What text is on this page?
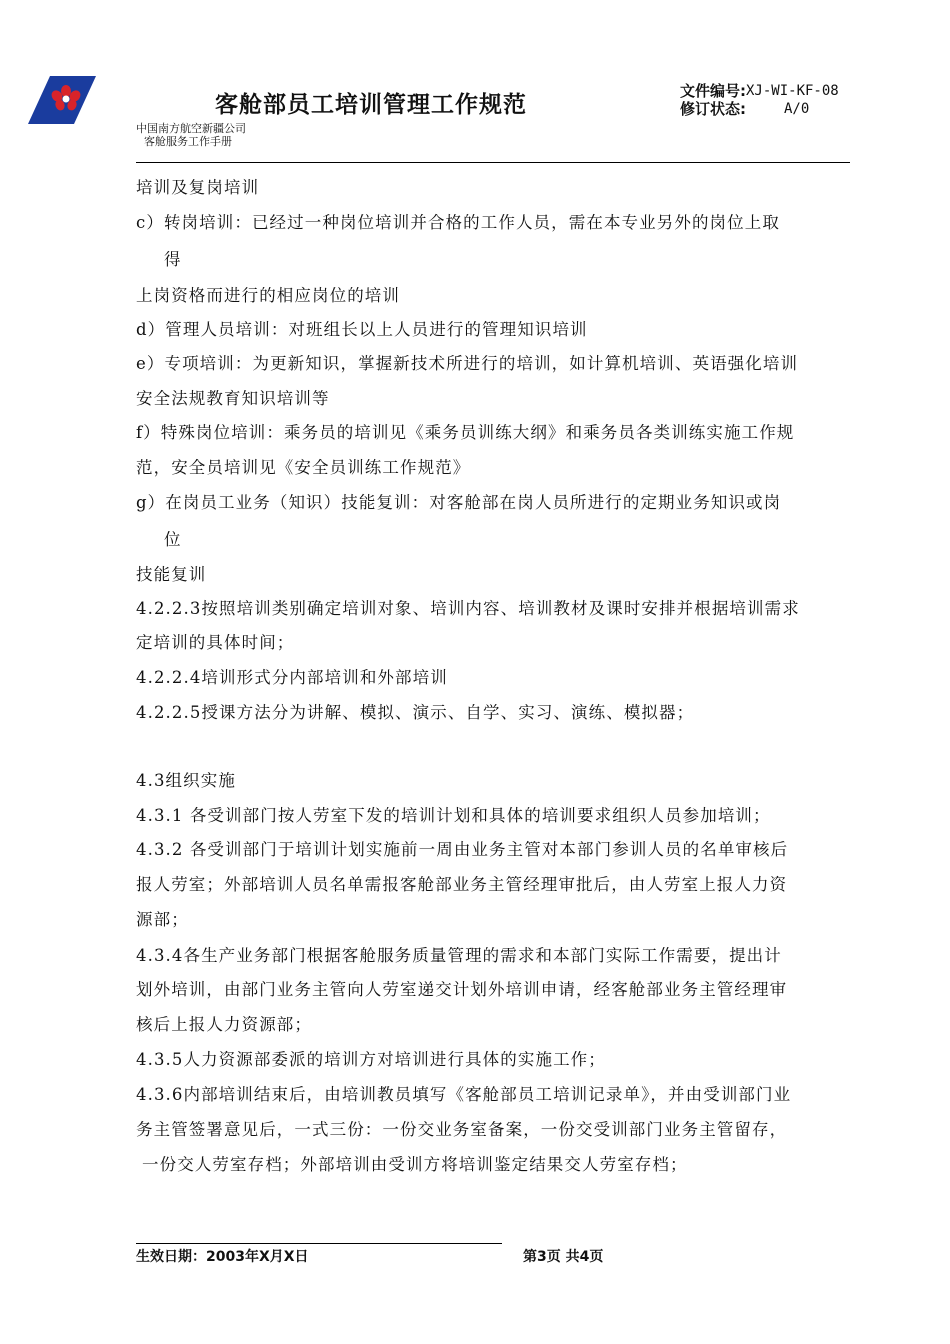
客舱部员工培训管理工作规范
文件编号: XJ-WI-KF-08
修订状态:	A/0
中国南方航空新疆公司
客舱服务工作手册
培训及复岗培训
c）转岗培训：已经过一种岗位培训并合格的工作人员，需在本专业另外的岗位上取
得
上岗资格而进行的相应岗位的培训
d）管理人员培训：对班组长以上人员进行的管理知识培训
e）专项培训：为更新知识，掌握新技术所进行的培训，如计算机培训、英语强化培训
安全法规教育知识培训等
f）特殊岗位培训：乘务员的培训见《乘务员训练大纲》和乘务员各类训练实施工作规
范，安全员培训见《安全员训练工作规范》
g）在岗员工业务（知识）技能复训：对客舱部在岗人员所进行的定期业务知识或岗
位
技能复训
4.2.2.3按照培训类别确定培训对象、培训内容、培训教材及课时安排并根据培训需求
定培训的具体时间；
4.2.2.4培训形式分内部培训和外部培训
4.2.2.5授课方法分为讲解、模拟、演示、自学、实习、演练、模拟器；
4.3组织实施
4.3.1 各受训部门按人劳室下发的培训计划和具体的培训要求组织人员参加培训；
4.3.2 各受训部门于培训计划实施前一周由业务主管对本部门参训人员的名单审核后
报人劳室；外部培训人员名单需报客舱部业务主管经理审批后，由人劳室上报人力资
源部；
4.3.4各生产业务部门根据客舱服务质量管理的需求和本部门实际工作需要，提出计
划外培训，由部门业务主管向人劳室递交计划外培训申请，经客舱部业务主管经理审
核后上报人力资源部；
4.3.5人力资源部委派的培训方对培训进行具体的实施工作；
4.3.6内部培训结束后，由培训教员填写《客舱部员工培训记录单》，并由受训部门业
务主管签署意见后，一式三份：一份交业务室备案，一份交受训部门业务主管留存，
一份交人劳室存档；外部培训由受训方将培训鉴定结果交人劳室存档；
生效日期：2003年X月X日	第3页 共4页
